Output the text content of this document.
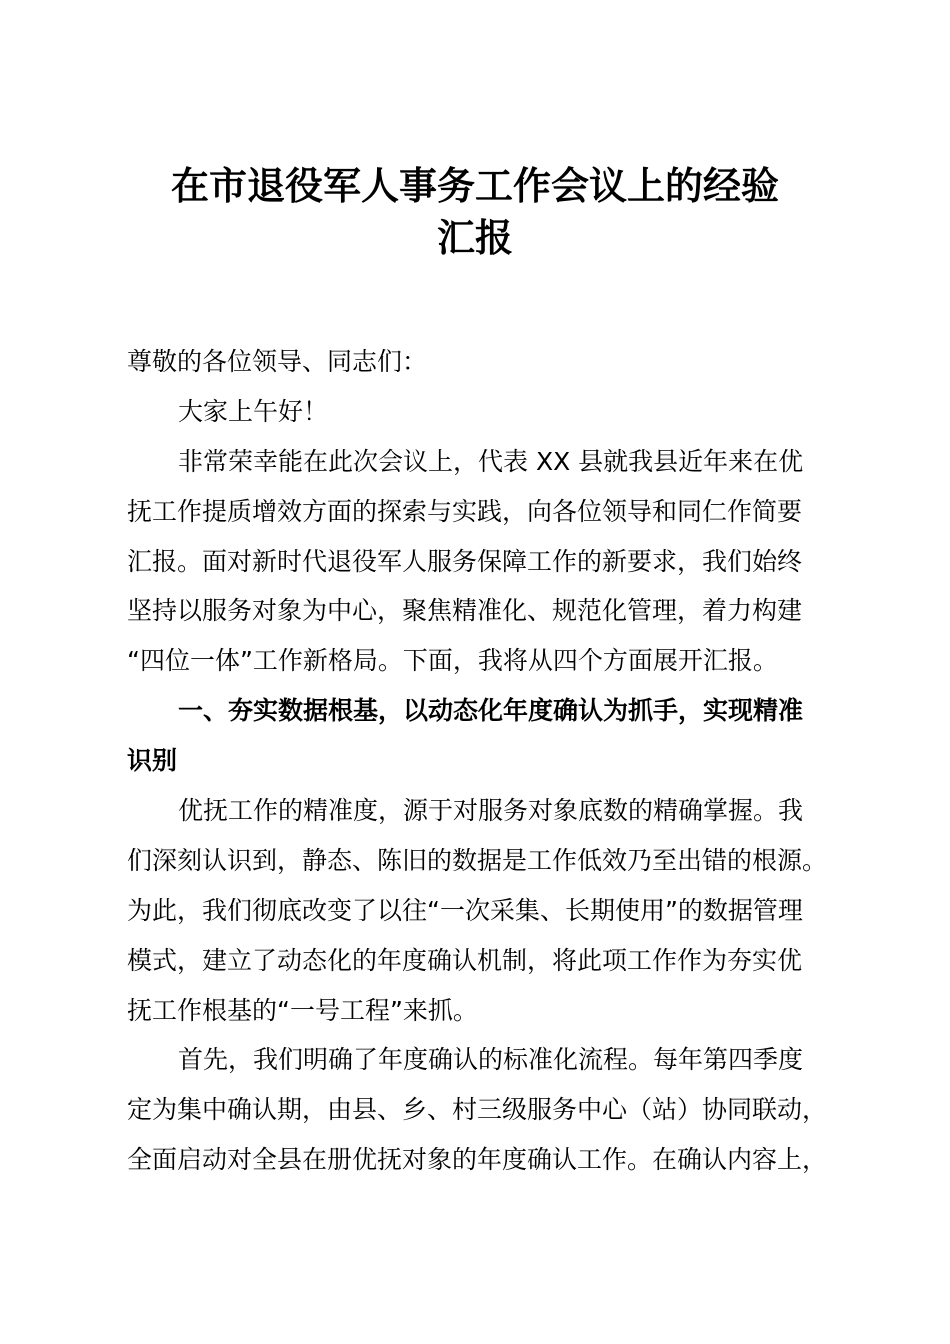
在市退役军人事务工作会议上的经验
汇报
尊敬的各位领导、同志们：
大家上午好！
非常荣幸能在此次会议上，代表 XX 县就我县近年来在优
抚工作提质增效方面的探索与实践，向各位领导和同仁作简要
汇报。面对新时代退役军人服务保障工作的新要求，我们始终
坚持以服务对象为中心，聚焦精准化、规范化管理，着力构建
“四位一体”工作新格局。下面，我将从四个方面展开汇报。
一、夯实数据根基，以动态化年度确认为抓手，实现精准
识别
优抚工作的精准度，源于对服务对象底数的精确掌握。我
们深刻认识到，静态、陈旧的数据是工作低效乃至出错的根源。
为此，我们彻底改变了以往“一次采集、长期使用”的数据管理
模式，建立了动态化的年度确认机制，将此项工作作为夯实优
抚工作根基的“一号工程”来抓。
首先，我们明确了年度确认的标准化流程。每年第四季度
定为集中确认期，由县、乡、村三级服务中心（站）协同联动，
全面启动对全县在册优抚对象的年度确认工作。在确认内容上，
